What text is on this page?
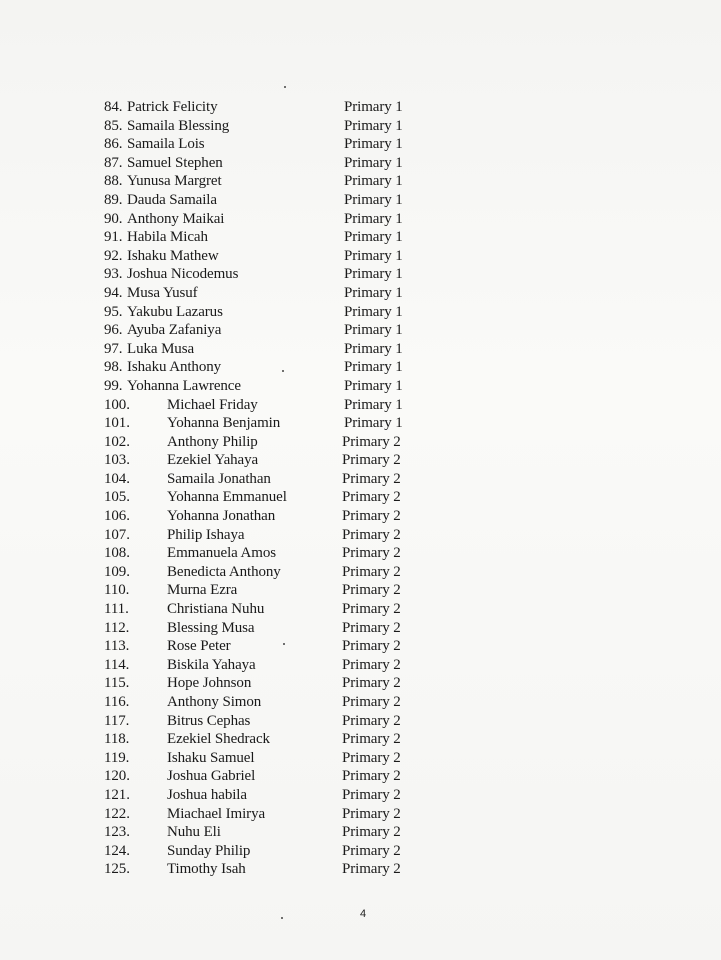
84. Patrick Felicity	Primary 1
85. Samaila Blessing	Primary 1
86. Samaila Lois	Primary 1
87. Samuel Stephen	Primary 1
88. Yunusa Margret	Primary 1
89. Dauda Samaila	Primary 1
90. Anthony Maikai	Primary 1
91. Habila Micah	Primary 1
92. Ishaku Mathew	Primary 1
93. Joshua Nicodemus	Primary 1
94. Musa Yusuf	Primary 1
95. Yakubu Lazarus	Primary 1
96. Ayuba Zafaniya	Primary 1
97. Luka Musa	Primary 1
98. Ishaku Anthony	Primary 1
99. Yohanna Lawrence	Primary 1
100. Michael Friday	Primary 1
101. Yohanna Benjamin	Primary 1
102. Anthony Philip	Primary 2
103. Ezekiel Yahaya	Primary 2
104. Samaila Jonathan	Primary 2
105. Yohanna Emmanuel	Primary 2
106. Yohanna Jonathan	Primary 2
107. Philip Ishaya	Primary 2
108. Emmanuela Amos	Primary 2
109. Benedicta Anthony	Primary 2
110.	Murna Ezra	Primary 2
111.	Christiana Nuhu	Primary 2
112.	Blessing Musa	Primary 2
113.	Rose Peter	Primary 2
114.	Biskila Yahaya	Primary 2
115.	Hope Johnson	Primary 2
116.	Anthony Simon	Primary 2
117.	Bitrus Cephas	Primary 2
118.	Ezekiel Shedrack	Primary 2
119.	Ishaku Samuel	Primary 2
120. Joshua Gabriel	Primary 2
121. Joshua habila	Primary 2
122. Miachael Imirya	Primary 2
123. Nuhu Eli	Primary 2
124. Sunday Philip	Primary 2
125. Timothy Isah	Primary 2
4
